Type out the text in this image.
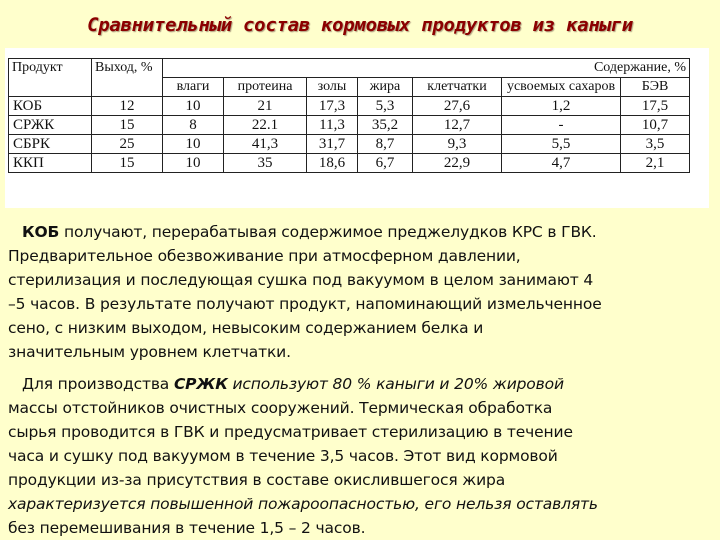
Сравнительный состав кормовых продуктов из каныги
Продукт	Выход, %	Содержание, %						
		влаги	протеина	золы	жира	клетчатки	усвоемых сахаров	БЭВ
КОБ	12	10	21	17,3	5,3	27,6	1,2	17,5
СРЖК	15	8	22.1	11,3	35,2	12,7	-	10,7
СБРК	25	10	41,3	31,7	8,7	9,3	5,5	3,5
ККП	15	10	35	18,6	6,7	22,9	4,7	2,1
КОБ получают, перерабатывая содержимое преджелудков КРС в ГВК.
Предварительное обезвоживание при атмосферном давлении,
стерилизация и последующая сушка под вакуумом в целом занимают 4
–5 часов. В результате получают продукт, напоминающий измельченное
сено, с низким выходом, невысоким содержанием белка и
значительным уровнем клетчатки.
Для производства СРЖК используют 80 % каныги и 20% жировой
массы отстойников очистных сооружений. Термическая обработка
сырья проводится в ГВК и предусматривает стерилизацию в течение
часа и сушку под вакуумом в течение 3,5 часов. Этот вид кормовой
продукции из-за присутствия в составе окислившегося жира
характеризуется повышенной пожароопасностью, его нельзя оставлять
без перемешивания в течение 1,5 – 2 часов.
